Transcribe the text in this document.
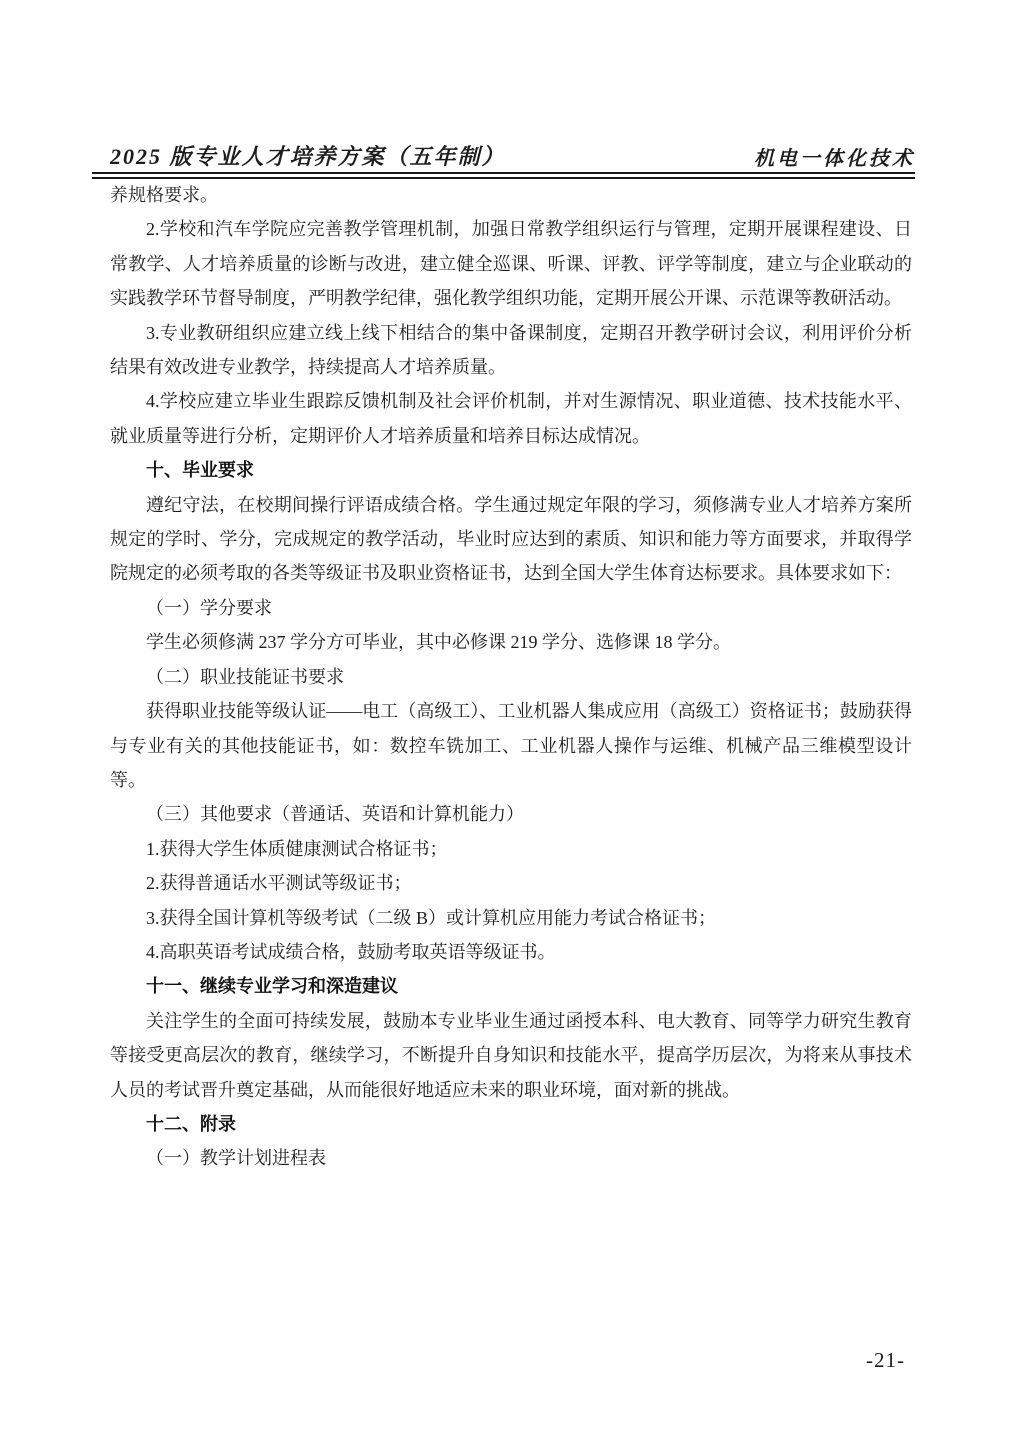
2025 版专业人才培养方案（五年制）	机电一体化技术

养规格要求。

2.学校和汽车学院应完善教学管理机制，加强日常教学组织运行与管理，定期开展课程建设、日常教学、人才培养质量的诊断与改进，建立健全巡课、听课、评教、评学等制度，建立与企业联动的实践教学环节督导制度，严明教学纪律，强化教学组织功能，定期开展公开课、示范课等教研活动。

3.专业教研组织应建立线上线下相结合的集中备课制度，定期召开教学研讨会议，利用评价分析结果有效改进专业教学，持续提高人才培养质量。

4.学校应建立毕业生跟踪反馈机制及社会评价机制，并对生源情况、职业道德、技术技能水平、就业质量等进行分析，定期评价人才培养质量和培养目标达成情况。

十、毕业要求

遵纪守法，在校期间操行评语成绩合格。学生通过规定年限的学习，须修满专业人才培养方案所规定的学时、学分，完成规定的教学活动，毕业时应达到的素质、知识和能力等方面要求，并取得学院规定的必须考取的各类等级证书及职业资格证书，达到全国大学生体育达标要求。具体要求如下：

（一）学分要求

学生必须修满 237 学分方可毕业，其中必修课 219 学分、选修课 18 学分。

（二）职业技能证书要求

获得职业技能等级认证——电工（高级工）、工业机器人集成应用（高级工）资格证书；鼓励获得与专业有关的其他技能证书，如：数控车铣加工、工业机器人操作与运维、机械产品三维模型设计等。

（三）其他要求（普通话、英语和计算机能力）

1.获得大学生体质健康测试合格证书；

2.获得普通话水平测试等级证书；

3.获得全国计算机等级考试（二级 B）或计算机应用能力考试合格证书；

4.高职英语考试成绩合格，鼓励考取英语等级证书。

十一、继续专业学习和深造建议

关注学生的全面可持续发展，鼓励本专业毕业生通过函授本科、电大教育、同等学力研究生教育等接受更高层次的教育，继续学习，不断提升自身知识和技能水平，提高学历层次，为将来从事技术人员的考试晋升奠定基础，从而能很好地适应未来的职业环境，面对新的挑战。

十二、附录

（一）教学计划进程表

-21-
